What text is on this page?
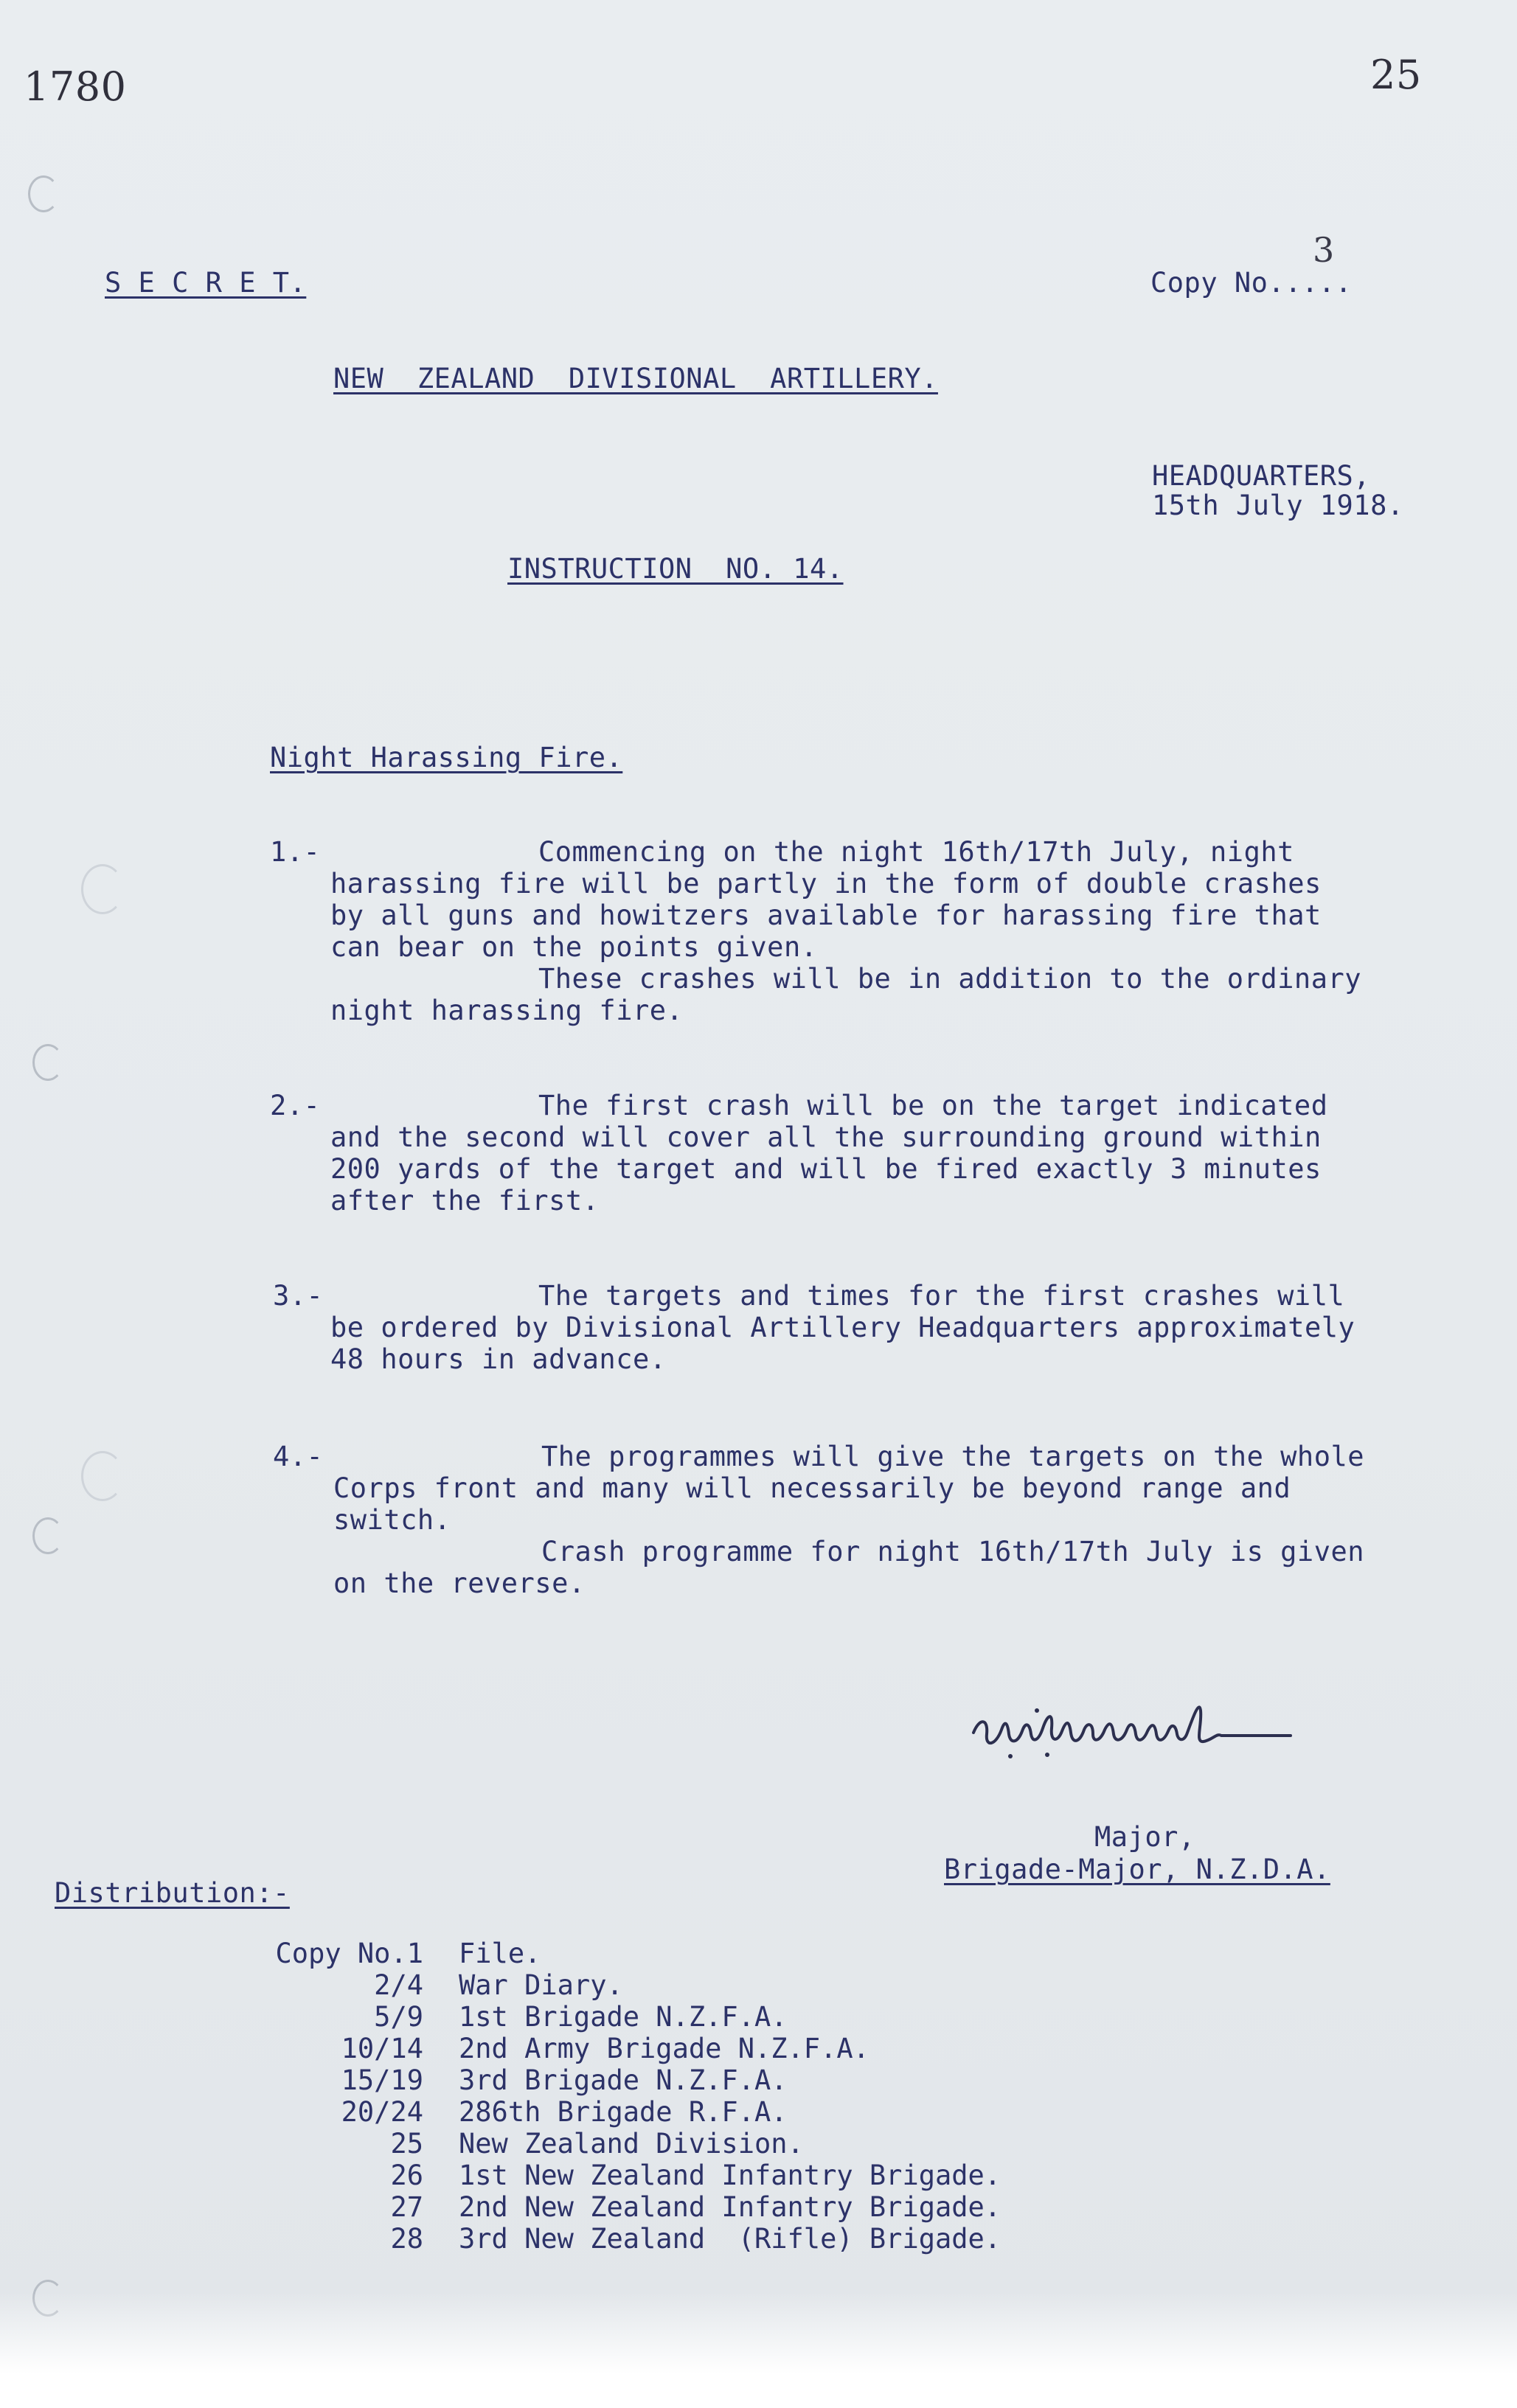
1780	25
S E C R E T.	Copy No.....
3
NEW  ZEALAND  DIVISIONAL  ARTILLERY.
HEADQUARTERS,
15th July 1918.
INSTRUCTION  NO. 14.
Night Harassing Fire.
1.-	Commencing on the night 16th/17th July, night
harassing fire will be partly in the form of double crashes
by all guns and howitzers available for harassing fire that
can bear on the points given.
These crashes will be in addition to the ordinary
night harassing fire.
2.-	The first crash will be on the target indicated
and the second will cover all the surrounding ground within
200 yards of the target and will be fired exactly 3 minutes
after the first.
3.-	The targets and times for the first crashes will
be ordered by Divisional Artillery Headquarters approximately
48 hours in advance.
4.-	The programmes will give the targets on the whole
Corps front and many will necessarily be beyond range and
switch.
Crash programme for night 16th/17th July is given
on the reverse.
Major,
Brigade-Major, N.Z.D.A.
Distribution:-
Copy No.1 File.
2/4 War Diary.
5/9 1st Brigade N.Z.F.A.
10/14 2nd Army Brigade N.Z.F.A.
15/19 3rd Brigade N.Z.F.A.
20/24 286th Brigade R.F.A.
25 New Zealand Division.
26 1st New Zealand Infantry Brigade.
27 2nd New Zealand Infantry Brigade.
28 3rd New Zealand  (Rifle) Brigade.
